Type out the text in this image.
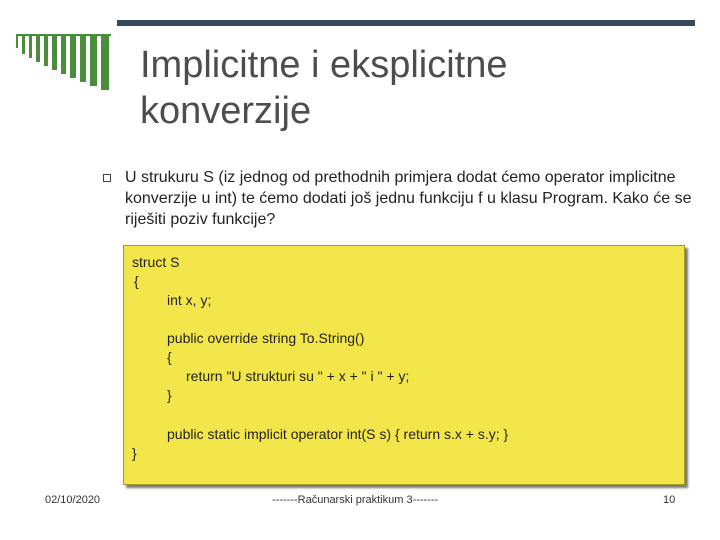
Implicitne i eksplicitne
konverzije
U strukuru S (iz jednog od prethodnih primjera dodat ćemo operator implicitne konverzije u int) te ćemo dodati još jednu funkciju f u klasu Program. Kako će se riješiti poziv funkcije?
struct S
{
int x, y;
public override string To.String()
{
return "U strukturi su " + x + " i " + y;
}
public static implicit operator int(S s) { return s.x + s.y; }
}
02/10/2020	-------Računarski praktikum 3-------	10
